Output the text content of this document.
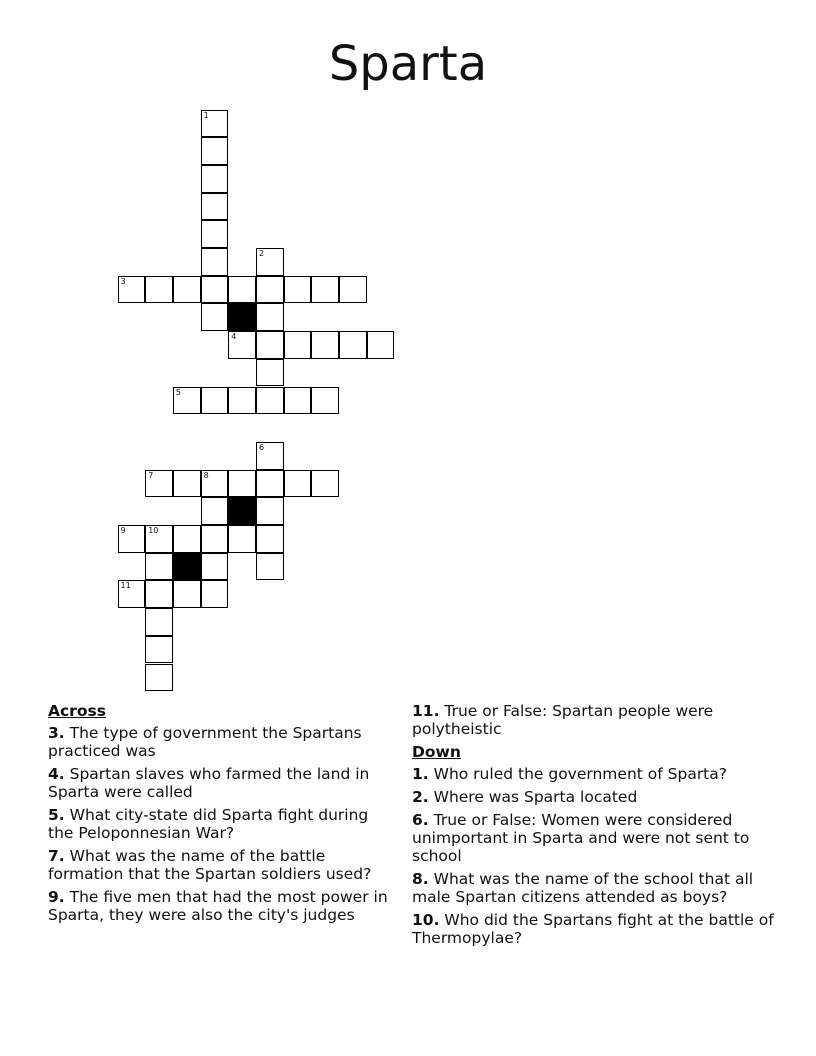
Sparta
1
2
3
4
5
6
7	8
9	10
11
Across
3. The type of government the Spartans practiced was
4. Spartan slaves who farmed the land in Sparta were called
5. What city-state did Sparta fight during the Peloponnesian War?
7. What was the name of the battle formation that the Spartan soldiers used?
9. The five men that had the most power in Sparta, they were also the city's judges
11. True or False: Spartan people were polytheistic
Down
1. Who ruled the government of Sparta?
2. Where was Sparta located
6. True or False: Women were considered unimportant in Sparta and were not sent to school
8. What was the name of the school that all male Spartan citizens attended as boys?
10. Who did the Spartans fight at the battle of Thermopylae?
